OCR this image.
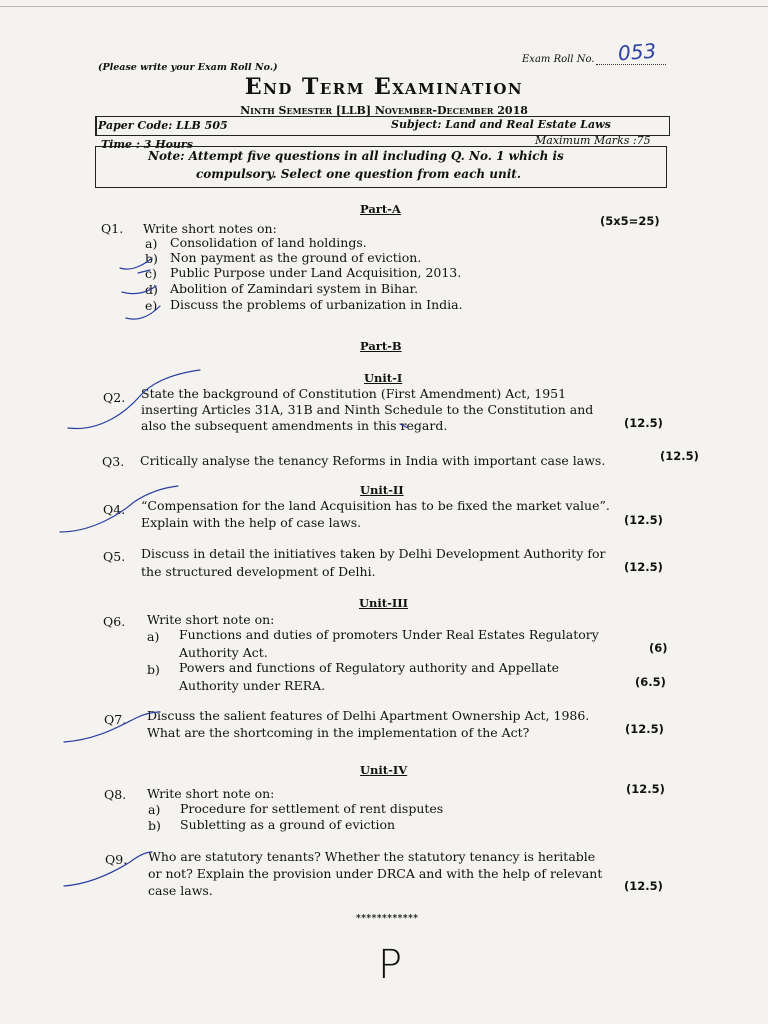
(Please write your Exam Roll No.)
Exam Roll No. 053
End Term Examination
Ninth Semester [LLB] November-December 2018
Paper Code: LLB 505	Subject: Land and Real Estate Laws
Time : 3 Hours	Maximum Marks :75
Note: Attempt five questions in all including Q. No. 1 which is
compulsory. Select one question from each unit.
Part-A
Q1. Write short notes on:	(5x5=25)
a) Consolidation of land holdings.
b) Non payment as the ground of eviction.
c) Public Purpose under Land Acquisition, 2013.
d) Abolition of Zamindari system in Bihar.
e) Discuss the problems of urbanization in India.
Part-B
Unit-I
Q2. State the background of Constitution (First Amendment) Act, 1951
inserting Articles 31A, 31B and Ninth Schedule to the Constitution and
also the subsequent amendments in this regard.	(12.5)
Q3. Critically analyse the tenancy Reforms in India with important case laws.	(12.5)
Unit-II
Q4. “Compensation for the land Acquisition has to be fixed the market value”.
Explain with the help of case laws.	(12.5)
Q5. Discuss in detail the initiatives taken by Delhi Development Authority for
the structured development of Delhi.	(12.5)
Unit-III
Q6. Write short note on:
a) Functions and duties of promoters Under Real Estates Regulatory
Authority Act.	(6)
b) Powers and functions of Regulatory authority and Appellate
Authority under RERA.	(6.5)
Q7. Discuss the salient features of Delhi Apartment Ownership Act, 1986.
What are the shortcoming in the implementation of the Act?	(12.5)
Unit-IV
Q8. Write short note on:	(12.5)
a) Procedure for settlement of rent disputes
b) Subletting as a ground of eviction
Q9. Who are statutory tenants? Whether the statutory tenancy is heritable
or not? Explain the provision under DRCA and with the help of relevant
case laws.	(12.5)
************
P
